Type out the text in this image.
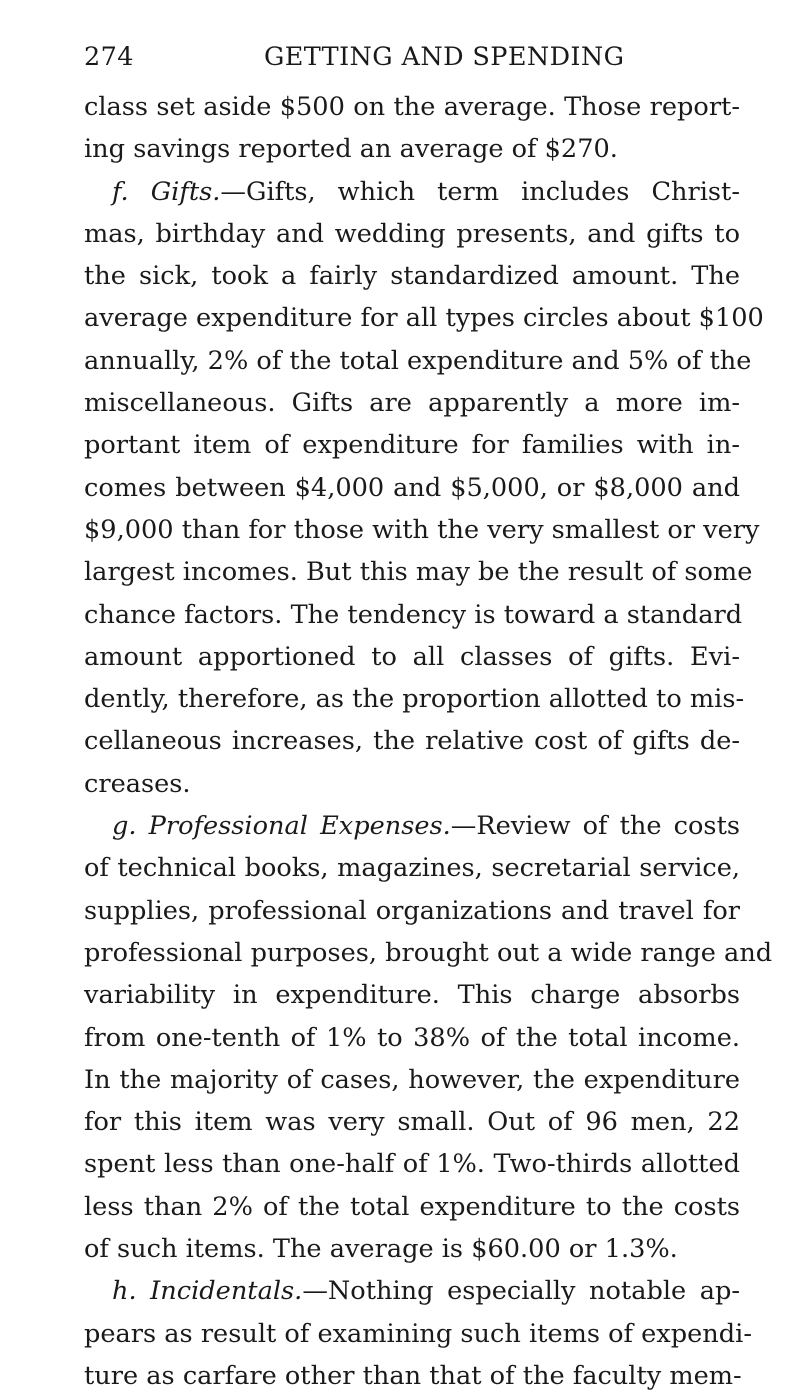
274	GETTING AND SPENDING
class set aside $500 on the average. Those report-
ing savings reported an average of $270.
f. Gifts.—Gifts, which term includes Christ-
mas, birthday and wedding presents, and gifts to
the sick, took a fairly standardized amount. The
average expenditure for all types circles about $100
annually, 2% of the total expenditure and 5% of the
miscellaneous. Gifts are apparently a more im-
portant item of expenditure for families with in-
comes between $4,000 and $5,000, or $8,000 and
$9,000 than for those with the very smallest or very
largest incomes. But this may be the result of some
chance factors. The tendency is toward a standard
amount apportioned to all classes of gifts. Evi-
dently, therefore, as the proportion allotted to mis-
cellaneous increases, the relative cost of gifts de-
creases.
g. Professional Expenses.—Review of the costs
of technical books, magazines, secretarial service,
supplies, professional organizations and travel for
professional purposes, brought out a wide range and
variability in expenditure. This charge absorbs
from one-tenth of 1% to 38% of the total income.
In the majority of cases, however, the expenditure
for this item was very small. Out of 96 men, 22
spent less than one-half of 1%. Two-thirds allotted
less than 2% of the total expenditure to the costs
of such items. The average is $60.00 or 1.3%.
h. Incidentals.—Nothing especially notable ap-
pears as result of examining such items of expendi-
ture as carfare other than that of the faculty mem-
